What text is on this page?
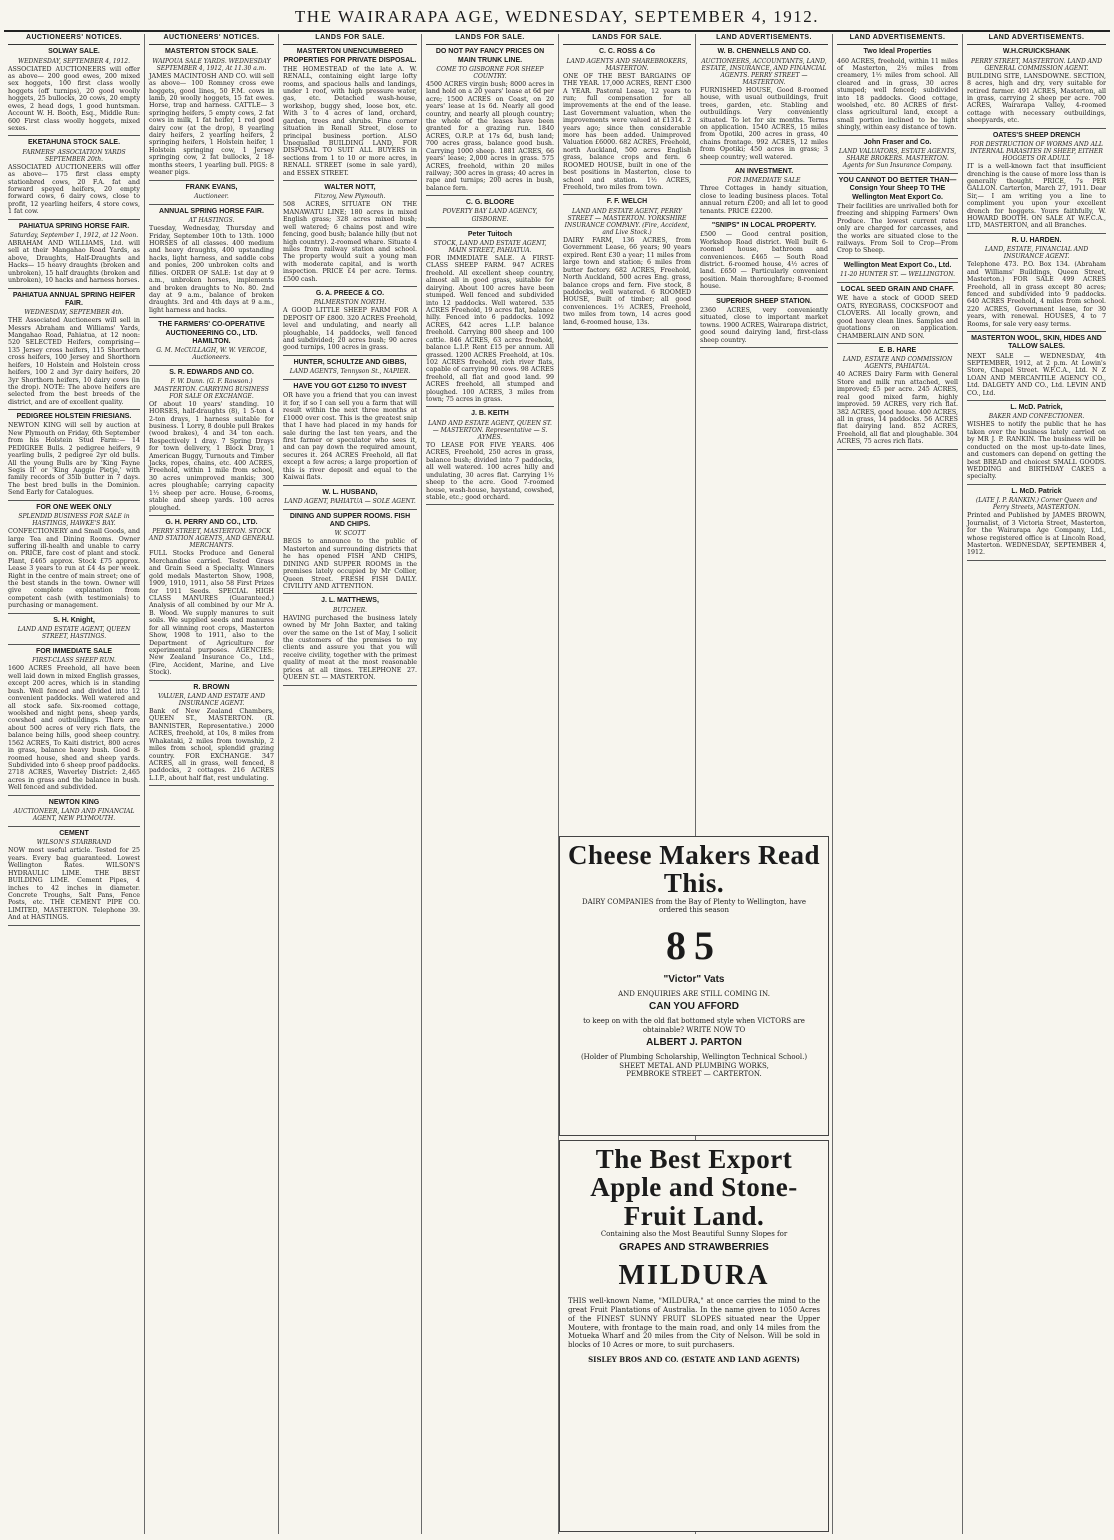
THE WAIRARAPA AGE, WEDNESDAY, SEPTEMBER 4, 1912.
AUCTIONEERS' NOTICES.
SOLWAY SALE.
WEDNESDAY, SEPTEMBER 4, 1912.
ASSOCIATED AUCTIONEERS will offer as above— 200 good ewes, 200 mixed sex hoggets, 100 first class woolly hoggets (off turnips), 20 good woolly hoggets, 25 bullocks, 20 cows, 20 empty ewes, 2 head dogs, 1 good huntsman. Account W. H. Booth, Esq., Middle Run: 600 First class woolly hoggets, mixed sexes.
EKETAHUNA STOCK SALE.
FARMERS' ASSOCIATION YARDS SEPTEMBER 20th.
ASSOCIATED AUCTIONEERS will offer as above— 175 first class empty stationbred cows, 20 F.A. fat and forward speyed heifers, 20 empty forward cows, 6 dairy cows, close to profit, 12 yearling heifers, 4 store cows, 1 fat cow.
PAHIATUA SPRING HORSE FAIR.
Saturday, September 1, 1912, at 12 Noon.
ABRAHAM AND WILLIAMS, Ltd. will sell at their Mangahao Road Yards, as above, Draughts, Half-Draughts and Hacks— 15 heavy draughts (broken and unbroken), 15 half draughts (broken and unbroken), 10 hacks and harness horses.
PAHIATUA ANNUAL SPRING HEIFER FAIR.
WEDNESDAY, SEPTEMBER 4th.
THE Associated Auctioneers will sell in Messrs Abraham and Williams' Yards, Mangahao Road, Pahiatua, at 12 noon: 520 SELECTED Heifers, comprising— 135 Jersey cross heifers, 115 Shorthorn cross heifers, 100 Jersey and Shorthorn heifers, 10 Holstein and Holstein cross heifers, 100 2 and 3yr dairy heifers, 20 3yr Shorthorn heifers, 10 dairy cows (in the drop). NOTE: The above heifers are selected from the best breeds of the district, and are of excellent quality.
PEDIGREE HOLSTEIN FRIESIANS.
NEWTON KING will sell by auction at New Plymouth on Friday, 6th September from his Holstein Stud Farm:— 14 PEDIGREE Bulls. 2 pedigree heifers, 9 yearling bulls, 2 pedigree 2yr old bulls. All the young Bulls are by 'King Fayne Segis II' or 'King Aaggie Pietje,' with family records of 35lb butter in 7 days. The best bred bulls in the Dominion. Send Early for Catalogues.
FOR ONE WEEK ONLY
SPLENDID BUSINESS FOR SALE in HASTINGS, HAWKE'S BAY.
CONFECTIONERY and Small Goods, and large Tea and Dining Rooms. Owner suffering ill-health and unable to carry on. PRICE, fare cost of plant and stock. Plant, £465 approx. Stock £75 approx. Lease 3 years to run at £4 4s per week. Right in the centre of main street; one of the best stands in the town. Owner will give complete explanation from competent cash (with testimonials) to purchasing or management.
S. H. Knight,
LAND AND ESTATE AGENT, QUEEN STREET, HASTINGS.
FOR IMMEDIATE SALE
FIRST-CLASS SHEEP RUN.
1600 ACRES Freehold, all have been well laid down in mixed English grasses, except 200 acres, which is in standing bush. Well fenced and divided into 12 convenient paddocks. Well watered and all stock safe. Six-roomed cottage, woolshed and night pens, sheep yards, cowshed and outbuildings. There are about 500 acres of very rich flats, the balance being hills, good sheep country. 1562 ACRES, To Kaiti district, 800 acres in grass, balance heavy bush. Good 8-roomed house, shed and sheep yards. Subdivided into 6 sheep proof paddocks. 2718 ACRES, Waverley District: 2,465 acres in grass and the balance in bush. Well fenced and subdivided.
NEWTON KING
AUCTIONEER, LAND AND FINANCIAL AGENT, NEW PLYMOUTH.
CEMENT
WILSON'S STARBRAND
NOW most useful article. Tested for 25 years. Every bag guaranteed. Lowest Wellington Rates. WILSON'S HYDRAULIC LIME. THE BEST BUILDING LIME. Cement Pipes, 4 inches to 42 inches in diameter. Concrete Troughs, Salt Pans, Fence Posts, etc. THE CEMENT PIPE CO. LIMITED, MASTERTON. Telephone 39. And at HASTINGS.
AUCTIONEERS' NOTICES.
MASTERTON STOCK SALE.
WAIPOUA SALE YARDS. WEDNESDAY SEPTEMBER 4, 1912, At 11.30 a.m.
JAMES MACINTOSH AND CO. will sell as above— 100 Romney cross ewe hoggets, good lines, 50 F.M. cows in lamb, 20 woolly hoggets, 15 fat ewes. Horse, trap and harness. CATTLE— 3 springing heifers, 5 empty cows, 2 fat cows in milk, 1 fat heifer, 1 red good dairy cow (at the drop), 8 yearling dairy heifers, 2 yearling heifers, 2 springing heifers, 1 Holstein heifer, 1 Holstein springing cow, 1 Jersey springing cow, 2 fat bullocks, 2 18-months steers, 1 yearling bull. PIGS: 8 weaner pigs.
FRANK EVANS,
Auctioneer.
ANNUAL SPRING HORSE FAIR.
AT HASTINGS.
Tuesday, Wednesday, Thursday and Friday, September 10th to 13th. 1000 HORSES of all classes. 400 medium and heavy draughts, 400 upstanding hacks, light harness, and saddle cobs and ponies, 200 unbroken colts and fillies. ORDER OF SALE: 1st day at 9 a.m., unbroken horses, implements and broken draughts to No. 80. 2nd day at 9 a.m., balance of broken draughts. 3rd and 4th days at 9 a.m., light harness and hacks.
THE FARMERS' CO-OPERATIVE AUCTIONEERING CO., LTD. HAMILTON.
G. M. McCULLAGH, W. W. VERCOE, Auctioneers.
S. R. EDWARDS AND CO.
F. W. Dunn. (G. F. Rawson.) MASTERTON. CARRYING BUSINESS FOR SALE OR EXCHANGE.
Of about 10 years' standing. 10 HORSES, half-draughts (8), 1 5-ton 4 2-ton drays, 1 harness suitable for business. 1 Lorry, 8 double pull Brakes (wood brakes), 4 and 34 ton each. Respectively 1 dray. 7 Spring Drays for town delivery, 1 Block Dray, 1 American Buggy, Turnouts and Timber Jacks, ropes, chains, etc. 400 ACRES, Freehold, within 1 mile from school, 30 acres unimproved mankis; 300 acres ploughable; carrying capacity 1½ sheep per acre. House, 6-rooms, stable and sheep yards. 100 acres ploughed.
G. H. PERRY AND CO., LTD.
PERRY STREET, MASTERTON. STOCK AND STATION AGENTS, AND GENERAL MERCHANTS.
FULL Stocks Produce and General Merchandise carried. Tested Grass and Grain Seed a Specialty. Winners gold medals Masterton Show, 1908, 1909, 1910, 1911, also 58 First Prizes for 1911 Seeds. SPECIAL HIGH CLASS MANURES (Guaranteed.) Analysis of all combined by our Mr A. B. Wood. We supply manures to suit soils. We supplied seeds and manures for all winning root crops, Masterton Show, 1908 to 1911, also to the Department of Agriculture for experimental purposes. AGENCIES: New Zealand Insurance Co., Ltd., (Fire, Accident, Marine, and Live Stock).
R. BROWN
VALUER, LAND AND ESTATE AND INSURANCE AGENT.
Bank of New Zealand Chambers, QUEEN ST., MASTERTON. (R. BANNISTER, Representative.) 2000 ACRES, freehold, at 10s, 8 miles from Whakataki, 2 miles from township, 2 miles from school, splendid grazing country. FOR EXCHANGE. 347 ACRES, all in grass, well fenced, 8 paddocks, 2 cottages. 216 ACRES L.I.P., about half flat, rest undulating.
LANDS FOR SALE.
MASTERTON UNENCUMBERED PROPERTIES FOR PRIVATE DISPOSAL.
THE HOMESTEAD of the late A. W. RENALL, containing eight large lofty rooms, and spacious halls and landings, under 1 roof, with high pressure water, gas, etc. Detached wash-house, workshop, buggy shed, loose box, etc. With 3 to 4 acres of land, orchard, garden, trees and shrubs. Fine corner situation in Renall Street, close to principal business portion. ALSO Unequalled BUILDING LAND, FOR DISPOSAL TO SUIT ALL BUYERS in sections from 1 to 10 or more acres, in RENALL STREET (some in sale yard), and ESSEX STREET.
WALTER NOTT,
Fitzroy, New Plymouth.
508 ACRES, SITUATE ON THE MANAWATU LINE; 180 acres in mixed English grass; 328 acres mixed bush; well watered; 6 chains post and wire fencing, good bush; balance hilly (but not high country). 2-roomed whare. Situate 4 miles from railway station and school. The property would suit a young man with moderate capital, and is worth inspection. PRICE £4 per acre. Terms. £500 cash.
G. A. PREECE & CO.
PALMERSTON NORTH.
A GOOD LITTLE SHEEP FARM FOR A DEPOSIT OF £800. 320 ACRES Freehold, level and undulating, and nearly all ploughable, 14 paddocks, well fenced and subdivided; 20 acres bush; 90 acres good turnips, 100 acres in grass.
HUNTER, SCHULTZE AND GIBBS,
LAND AGENTS, Tennyson St., NAPIER.
HAVE YOU GOT £1250 TO INVEST
OR have you a friend that you can invest it for, if so I can sell you a farm that will result within the next three months at £1000 over cost. This is the greatest snip that I have had placed in my hands for sale during the last ten years, and the first farmer or speculator who sees it, and can pay down the required amount, secures it. 264 ACRES Freehold, all flat except a few acres; a large proportion of this is river deposit and equal to the Kaiwai flats.
W. L. HUSBAND,
LAND AGENT, PAHIATUA — SOLE AGENT.
DINING AND SUPPER ROOMS. FISH AND CHIPS.
W. SCOTT
BEGS to announce to the public of Masterton and surrounding districts that he has opened FISH AND CHIPS, DINING AND SUPPER ROOMS in the premises lately occupied by Mr Collier, Queen Street. FRESH FISH DAILY. CIVILITY AND ATTENTION.
J. L. MATTHEWS,
BUTCHER.
HAVING purchased the business lately owned by Mr John Baxter, and taking over the same on the 1st of May, I solicit the customers of the premises to my clients and assure you that you will receive civility, together with the primest quality of meat at the most reasonable prices at all times. TELEPHONE 27. QUEEN ST. — MASTERTON.
LANDS FOR SALE.
DO NOT PAY FANCY PRICES ON MAIN TRUNK LINE.
COME TO GISBORNE FOR SHEEP COUNTRY.
4500 ACRES virgin bush; 8000 acres in land hold on a 20 years' lease at 6d per acre; 1500 ACRES on Coast, on 20 years' lease at 1s 6d. Nearly all good country, and nearly all plough country; the whole of the leases have been granted for a grazing run. 1840 ACRES, O.R.P. at 17s 6d, bush land; 700 acres grass, balance good bush. Carrying 1000 sheep. 1881 ACRES, 66 years' lease; 2,000 acres in grass. 575 ACRES, freehold, within 20 miles railway; 300 acres in grass; 40 acres in rape and turnips; 200 acres in bush, balance fern.
C. G. BLOORE
POVERTY BAY LAND AGENCY, GISBORNE.
Peter Tuitoch
STOCK, LAND AND ESTATE AGENT, MAIN STREET, PAHIATUA.
FOR IMMEDIATE SALE. A FIRST-CLASS SHEEP FARM. 947 ACRES freehold. All excellent sheep country, almost all in good grass, suitable for dairying. About 100 acres have been stumped. Well fenced and subdivided into 12 paddocks. Well watered. 535 ACRES Freehold, 19 acres flat, balance hilly. Fenced into 6 paddocks. 1092 ACRES, 642 acres L.I.P. balance freehold. Carrying 800 sheep and 100 cattle. 846 ACRES, 63 acres freehold, balance L.I.P. Rent £15 per annum. All grassed. 1200 ACRES Freehold, at 10s. 102 ACRES freehold, rich river flats, capable of carrying 90 cows. 98 ACRES freehold, all flat and good land. 99 ACRES freehold, all stumped and ploughed. 100 ACRES, 3 miles from town; 75 acres in grass.
J. B. KEITH
LAND AND ESTATE AGENT, QUEEN ST. — MASTERTON. Representative — S. AYMES.
TO LEASE FOR FIVE YEARS. 406 ACRES, Freehold, 250 acres in grass, balance bush; divided into 7 paddocks, all well watered. 100 acres hilly and undulating, 30 acres flat. Carrying 1½ sheep to the acre. Good 7-roomed house, wash-house, haystand, cowshed, stable, etc.; good orchard.
LANDS FOR SALE.
C. C. ROSS & Co
LAND AGENTS AND SHAREBROKERS, MASTERTON.
ONE OF THE BEST BARGAINS OF THE YEAR. 17,000 ACRES, RENT £300 A YEAR. Pastoral Lease, 12 years to run; full compensation for all improvements at the end of the lease. Last Government valuation, when the improvements were valued at £1314. 2 years ago; since then considerable more has been added. Unimproved Valuation £6000. 682 ACRES, Freehold, north Auckland, 500 acres English grass, balance crops and fern. 6 ROOMED HOUSE, built in one of the best positions in Masterton, close to school and station. 1½ ACRES, Freehold, two miles from town.
F. F. WELCH
LAND AND ESTATE AGENT, PERRY STREET — MASTERTON. YORKSHIRE INSURANCE COMPANY. (Fire, Accident, and Live Stock.)
DAIRY FARM, 136 ACRES, from Government Lease, 66 years; 90 years expired. Rent £30 a year; 11 miles from large town and station; 6 miles from butter factory. 682 ACRES, Freehold, North Auckland, 500 acres Eng. grass, balance crops and fern. Five stock, 8 paddocks, well watered. 6 ROOMED HOUSE, Built of timber; all good conveniences. 1½ ACRES, Freehold, two miles from town, 14 acres good land, 6-roomed house, 13s.
LAND ADVERTISEMENTS.
W. B. CHENNELLS AND CO.
AUCTIONEERS, ACCOUNTANTS, LAND, ESTATE, INSURANCE, AND FINANCIAL AGENTS. PERRY STREET — MASTERTON.
FURNISHED HOUSE, Good 8-roomed house, with usual outbuildings, fruit trees, garden, etc. Stabling and outbuildings. Very conveniently situated. To let for six months. Terms on application. 1540 ACRES, 15 miles from Opotiki, 200 acres in grass, 40 chains frontage. 992 ACRES, 12 miles from Opotiki; 450 acres in grass; 3 sheep country; well watered.
AN INVESTMENT.
FOR IMMEDIATE SALE
Three Cottages in handy situation, close to leading business places. Total annual return £200; and all let to good tenants. PRICE £2200.
"SNIPS" IN LOCAL PROPERTY.
£500 — Good central position, Workshop Road district. Well built 6-roomed house, bathroom and conveniences. £465 — South Road district. 6-roomed house, 4½ acres of land. £650 — Particularly convenient position. Main thoroughfare; 8-roomed house.
SUPERIOR SHEEP STATION.
2360 ACRES, very conveniently situated, close to important market towns. 1900 ACRES, Wairarapa district, good sound dairying land, first-class sheep country.
LAND ADVERTISEMENTS.
Two Ideal Properties
460 ACRES, freehold, within 11 miles of Masterton, 2½ miles from creamery, 1½ miles from school. All cleared and in grass, 30 acres stumped; well fenced; subdivided into 18 paddocks. Good cottage, woolshed, etc. 80 ACRES of first-class agricultural land, except a small portion inclined to be light shingly, within easy distance of town.
John Fraser and Co.
LAND VALUATORS, ESTATE AGENTS, SHARE BROKERS. MASTERTON. Agents for Sun Insurance Company.
YOU CANNOT DO BETTER THAN— Consign Your Sheep TO THE Wellington Meat Export Co.
Their facilities are unrivalled both for freezing and shipping Farmers' Own Produce. The lowest current rates only are charged for carcasses, and the works are situated close to the railways. From Soil to Crop—From Crop to Sheep.
Wellington Meat Export Co., Ltd.
11-20 HUNTER ST. — WELLINGTON.
LOCAL SEED GRAIN AND CHAFF.
WE have a stock of GOOD SEED OATS, RYEGRASS, COCKSFOOT and CLOVERS. All locally grown, and good heavy clean lines. Samples and quotations on application. CHAMBERLAIN AND SON.
E. B. HARE
LAND, ESTATE AND COMMISSION AGENTS, PAHIATUA.
40 ACRES Dairy Farm with General Store and milk run attached, well improved; £5 per acre. 245 ACRES, real good mixed farm, highly improved. 59 ACRES, very rich flat. 382 ACRES, good house. 400 ACRES, all in grass, 14 paddocks. 56 ACRES flat dairying land. 852 ACRES, Freehold, all flat and ploughable. 304 ACRES, 75 acres rich flats.
LAND ADVERTISEMENTS.
W.H.CRUICKSHANK
PERRY STREET, MASTERTON. LAND AND GENERAL COMMISSION AGENT.
BUILDING SITE, LANSDOWNE. SECTION, 8 acres, high and dry, very suitable for retired farmer. 491 ACRES, Masterton, all in grass, carrying 2 sheep per acre. 700 ACRES, Wairarapa Valley, 4-roomed cottage with necessary outbuildings, sheepyards, etc.
OATES'S SHEEP DRENCH
FOR DESTRUCTION OF WORMS AND ALL INTERNAL PARASITES IN SHEEP, EITHER HOGGETS OR ADULT.
IT is a well-known fact that insufficient drenching is the cause of more loss than is generally thought. PRICE, 7s PER GALLON. Carterton, March 27, 1911. Dear Sir,— I am writing you a line to compliment you upon your excellent drench for hoggets. Yours faithfully, W. HOWARD BOOTH. ON SALE AT W.F.C.A., LTD, MASTERTON, and all Branches.
R. U. HARDEN.
LAND, ESTATE, FINANCIAL AND INSURANCE AGENT.
Telephone 473. P.O. Box 134. (Abraham and Williams' Buildings, Queen Street, Masterton.) FOR SALE 499 ACRES Freehold, all in grass except 80 acres; fenced and subdivided into 9 paddocks. 640 ACRES Freehold, 4 miles from school. 220 ACRES, Government lease, for 30 years, with renewal. HOUSES, 4 to 7 Rooms, for sale very easy terms.
MASTERTON WOOL, SKIN, HIDES AND TALLOW SALES.
NEXT SALE — WEDNESDAY, 4th SEPTEMBER, 1912, at 2 p.m. At Lowin's Store, Chapel Street. W.F.C.A., Ltd. N Z LOAN AND MERCANTILE AGENCY CO., Ltd. DALGETY AND CO., Ltd. LEVIN AND CO., Ltd.
L. McD. Patrick,
BAKER AND CONFECTIONER.
WISHES to notify the public that he has taken over the business lately carried on by MR J. P. RANKIN. The business will be conducted on the most up-to-date lines, and customers can depend on getting the best BREAD and choicest SMALL GOODS. WEDDING and BIRTHDAY CAKES a specialty.
L. McD. Patrick
(LATE J. P. RANKIN.) Corner Queen and Perry Streets, MASTERTON.
Printed and Published by JAMES BROWN, Journalist, of 3 Victoria Street, Masterton, for the Wairarapa Age Company, Ltd., whose registered office is at Lincoln Road, Masterton. WEDNESDAY, SEPTEMBER 4, 1912.
Cheese Makers Read This.
DAIRY COMPANIES from the Bay of Plenty to Wellington, have ordered this season
85
"Victor" Vats
AND ENQUIRIES ARE STILL COMING IN.
CAN YOU AFFORD
to keep on with the old flat bottomed style when VICTORS are obtainable? WRITE NOW TO
ALBERT J. PARTON
(Holder of Plumbing Scholarship, Wellington Technical School.)
SHEET METAL AND PLUMBING WORKS,
PEMBROKE STREET — CARTERTON.
The Best Export Apple and Stone-Fruit Land.
Containing also the Most Beautiful Sunny Slopes for
GRAPES AND STRAWBERRIES
MILDURA
THIS well-known Name, "MILDURA," at once carries the mind to the great Fruit Plantations of Australia. In the name given to 1050 Acres of the FINEST SUNNY FRUIT SLOPES situated near the Upper Moutere, with frontage to the main road, and only 14 miles from the Motueka Wharf and 20 miles from the City of Nelson. Will be sold in blocks of 10 Acres or more, to suit purchasers.
SISLEY BROS AND CO. (ESTATE AND LAND AGENTS)
